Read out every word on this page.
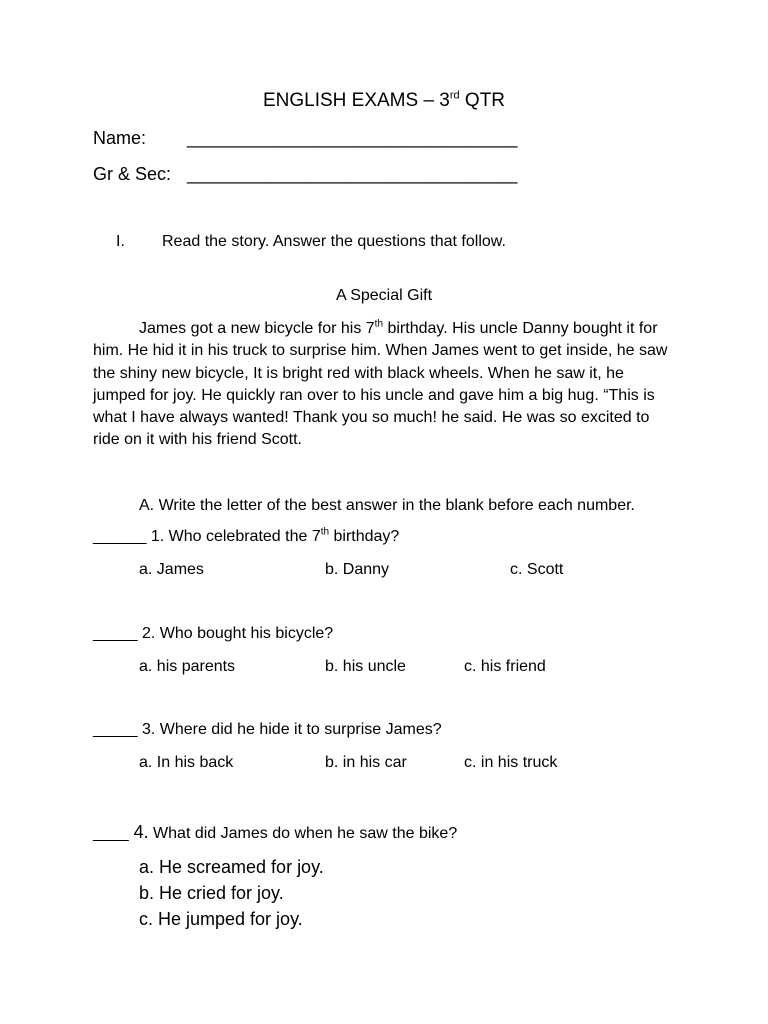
ENGLISH EXAMS – 3rd QTR
Name: _________________________________
Gr & Sec: _________________________________
I. Read the story. Answer the questions that follow.
A Special Gift
James got a new bicycle for his 7th birthday. His uncle Danny bought it for him. He hid it in his truck to surprise him. When James went to get inside, he saw the shiny new bicycle, It is bright red with black wheels. When he saw it, he jumped for joy. He quickly ran over to his uncle and gave him a big hug. “This is what I have always wanted! Thank you so much! he said. He was so excited to ride on it with his friend Scott.
A. Write the letter of the best answer in the blank before each number.
______ 1. Who celebrated the 7th birthday?
a. James	b. Danny	c. Scott
_____ 2. Who bought his bicycle?
a. his parents	b. his uncle	c. his friend
_____ 3. Where did he hide it to surprise James?
a. In his back	b. in his car	c. in his truck
____ 4. What did James do when he saw the bike?
a. He screamed for joy.
b. He cried for joy.
c. He jumped for joy.
